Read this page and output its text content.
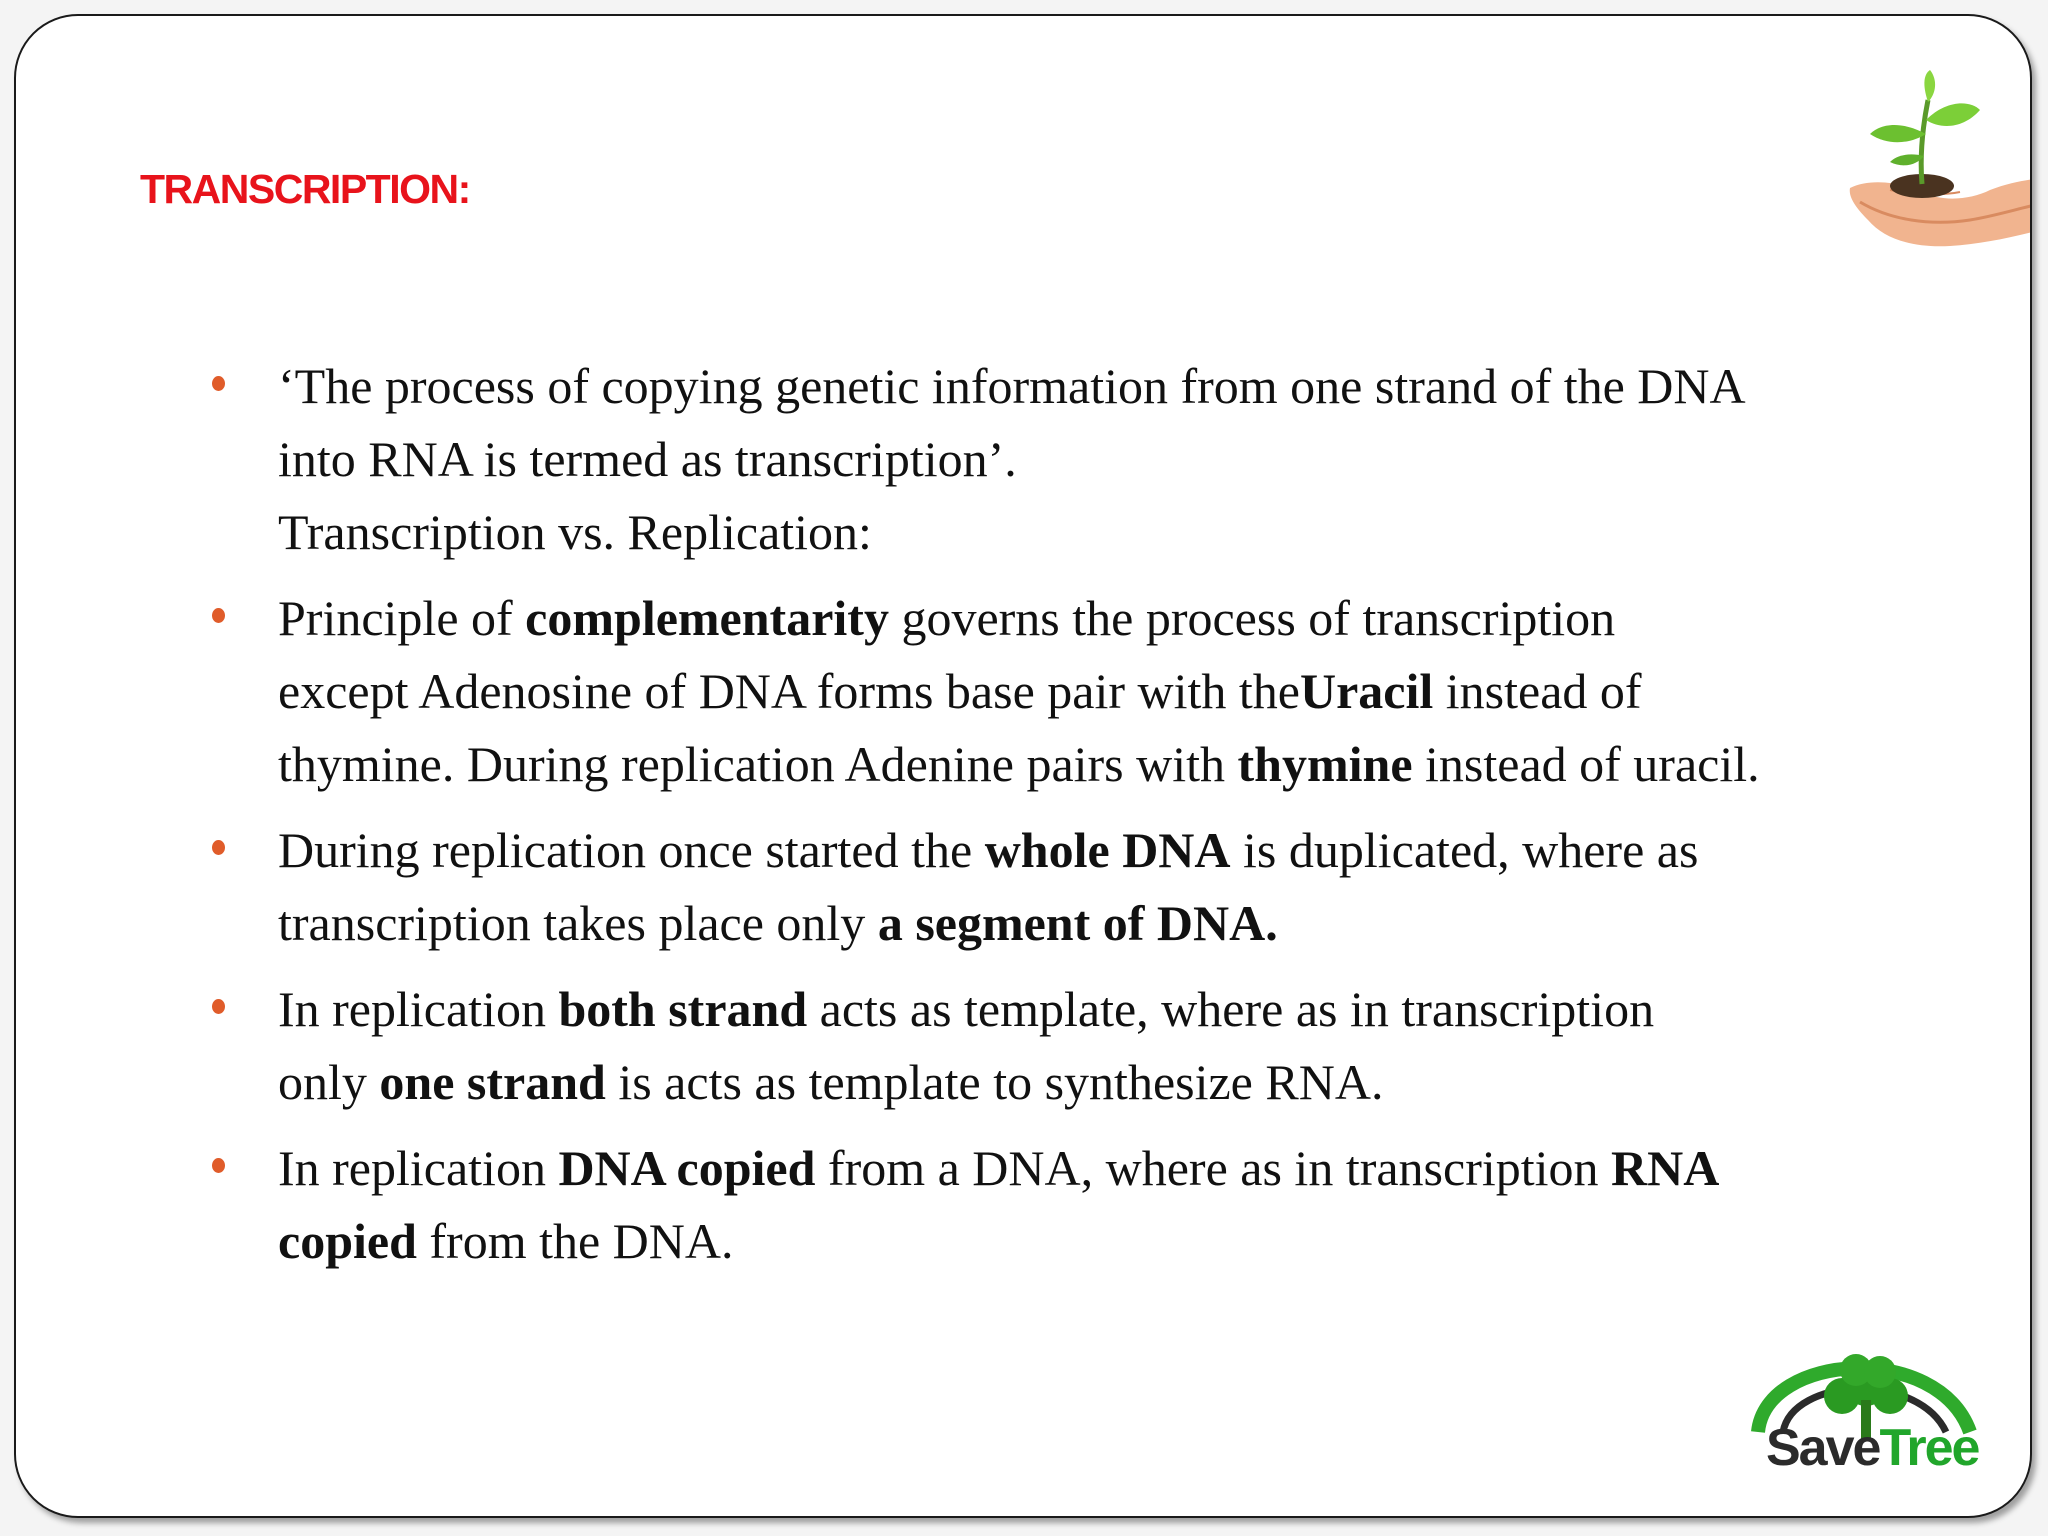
TRANSCRIPTION:
‘The process of copying genetic information from one strand of the DNA
into RNA is termed as transcription’.
Transcription vs. Replication:
Principle of complementarity governs the process of transcription
except Adenosine of DNA forms base pair with theUracil instead of
thymine. During replication Adenine pairs with thymine instead of uracil.
During replication once started the whole DNA is duplicated, where as
transcription takes place only a segment of DNA.
In replication both strand acts as template, where as in transcription
only one strand is acts as template to synthesize RNA.
In replication DNA copied from a DNA, where as in transcription RNA
copied from the DNA.
SaveTree
